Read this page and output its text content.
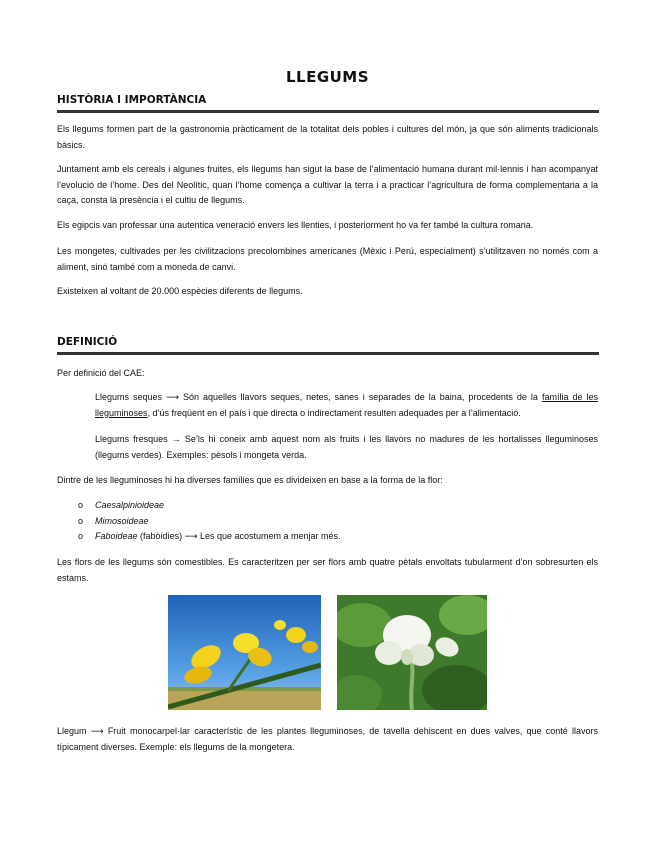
LLEGUMS
HISTÒRIA I IMPORTÀNCIA

Els llegums formen part de la gastronomia pràcticament de la totalitat dels pobles i cultures del món, ja que són aliments tradicionals bàsics.

Juntament amb els cereals i algunes fruites, els llegums han sigut la base de l’alimentació humana durant mil·lennis i han acompanyat l’evolució de l’home. Des del Neolític, quan l’home comença a cultivar la terra i a practicar l’agricultura de forma complementaria a la caça, consta la presència i el cultiu de llegums.

Els egipcis van professar una autentica veneració envers les llenties, i posteriorment ho va fer també la cultura romana.

Les mongetes, cultivades per les civilitzacions precolombines americanes (Mèxic i Perú, especialment) s’utilitzaven no només com a aliment, sinó també com a moneda de canvi.

Existeixen al voltant de 20.000 espècies diferents de llegums.

DEFINICIÓ

Per definició del CAE:

Llegums seques ⟶ Són aquelles llavors seques, netes, sanes i separades de la baina, procedents de la família de les lleguminoses, d’ús freqüent en el país i que directa o indirectament resulten adequades per a l’alimentació.

Llegums fresques → Se’ls hi coneix amb aquest nom als fruits i les llavors no madures de les hortalisses lleguminoses (llegums verdes). Exemples: pèsols i mongeta verda.

Dintre de les lleguminoses hi ha diverses famílies que es divideixen en base a la forma de la flor:

o Caesalpinioideae
o Mimosoideae
o Faboideae (fabòidies) ⟶ Les que acostumem a menjar més.

Les flors de les llegums són comestibles. Es caracteritzen per ser flors amb quatre pètals envoltats tubularment d’on sobresurten els estams.

Llegum ⟶ Fruit monocarpel·lar característic de les plantes lleguminoses, de tavella dehiscent en dues valves, que conté llavors típicament diverses. Exemple: els llegums de la mongetera.
